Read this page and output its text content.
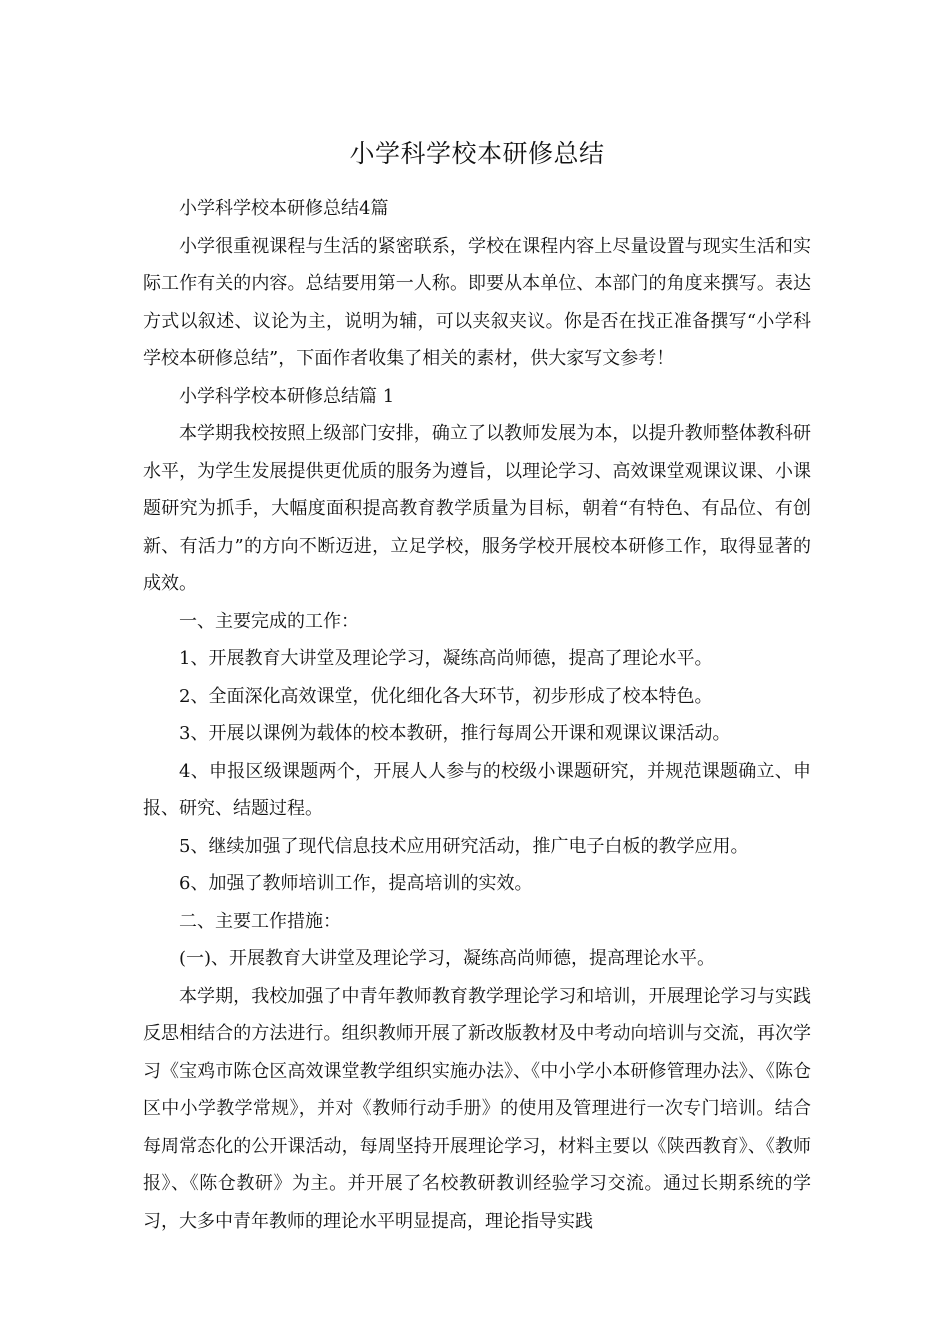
小学科学校本研修总结

小学科学校本研修总结4篇

小学很重视课程与生活的紧密联系，学校在课程内容上尽量设置与现实生活和实际工作有关的内容。总结要用第一人称。即要从本单位、本部门的角度来撰写。表达方式以叙述、议论为主，说明为辅，可以夹叙夹议。你是否在找正准备撰写“小学科学校本研修总结”，下面作者收集了相关的素材，供大家写文参考！

小学科学校本研修总结篇 1

本学期我校按照上级部门安排，确立了以教师发展为本，以提升教师整体教科研水平，为学生发展提供更优质的服务为遵旨，以理论学习、高效课堂观课议课、小课题研究为抓手，大幅度面积提高教育教学质量为目标，朝着“有特色、有品位、有创新、有活力”的方向不断迈进，立足学校，服务学校开展校本研修工作，取得显著的成效。

一、主要完成的工作：

1、开展教育大讲堂及理论学习，凝练高尚师德，提高了理论水平。

2、全面深化高效课堂，优化细化各大环节，初步形成了校本特色。

3、开展以课例为载体的校本教研，推行每周公开课和观课议课活动。

4、申报区级课题两个，开展人人参与的校级小课题研究，并规范课题确立、申报、研究、结题过程。

5、继续加强了现代信息技术应用研究活动，推广电子白板的教学应用。

6、加强了教师培训工作，提高培训的实效。

二、主要工作措施：

(一)、开展教育大讲堂及理论学习，凝练高尚师德，提高理论水平。

本学期，我校加强了中青年教师教育教学理论学习和培训，开展理论学习与实践反思相结合的方法进行。组织教师开展了新改版教材及中考动向培训与交流，再次学习《宝鸡市陈仓区高效课堂教学组织实施办法》、《中小学小本研修管理办法》、《陈仓区中小学教学常规》，并对《教师行动手册》的使用及管理进行一次专门培训。结合每周常态化的公开课活动，每周坚持开展理论学习，材料主要以《陕西教育》、《教师报》、《陈仓教研》为主。并开展了名校教研教训经验学习交流。通过长期系统的学习，大多中青年教师的理论水平明显提高，理论指导实践
